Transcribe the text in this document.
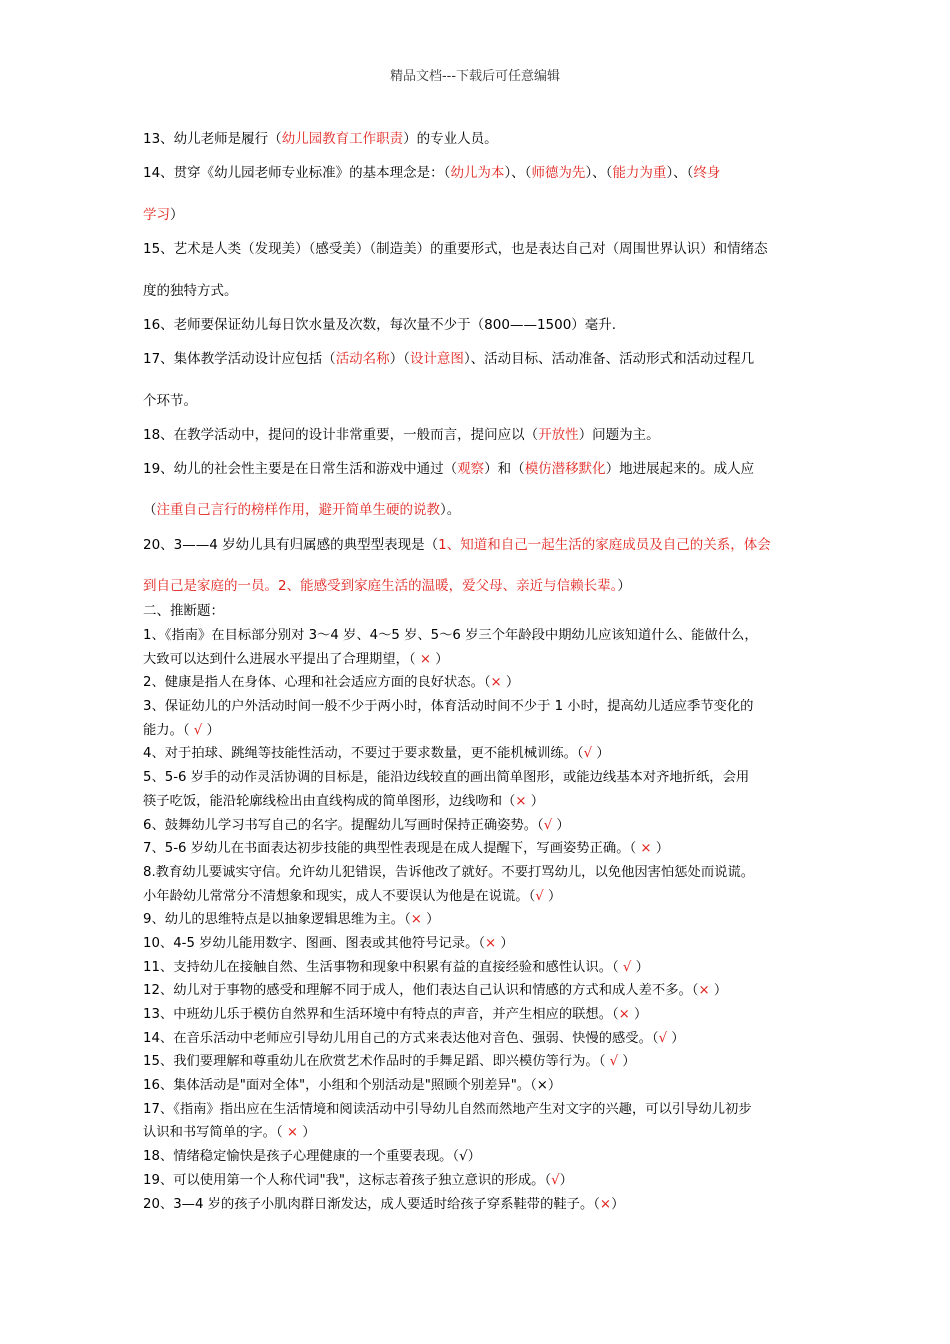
精品文档---下载后可任意编辑
13、幼儿老师是履行（幼儿园教育工作职责）的专业人员。
14、贯穿《幼儿园老师专业标准》的基本理念是：（幼儿为本）、（师德为先）、（能力为重）、（终身
学习）
15、艺术是人类（发现美）（感受美）（制造美）的重要形式，也是表达自己对（周围世界认识）和情绪态
度的独特方式。
16、老师要保证幼儿每日饮水量及次数，每次量不少于（800——1500）毫升.
17、集体教学活动设计应包括（活动名称）（设计意图）、活动目标、活动准备、活动形式和活动过程几
个环节。
18、在教学活动中，提问的设计非常重要，一般而言，提问应以（开放性）问题为主。
19、幼儿的社会性主要是在日常生活和游戏中通过（观察）和（模仿潜移默化）地进展起来的。成人应
（注重自己言行的榜样作用，避开简单生硬的说教）。
20、3——4 岁幼儿具有归属感的典型型表现是（1、知道和自己一起生活的家庭成员及自己的关系，体会
到自己是家庭的一员。2、能感受到家庭生活的温暖，爱父母、亲近与信赖长辈。）
二、推断题：
1、《指南》在目标部分别对 3～4 岁、4～5 岁、5～6 岁三个年龄段中期幼儿应该知道什么、能做什么，
大致可以达到什么进展水平提出了合理期望，（ × ）
2、健康是指人在身体、心理和社会适应方面的良好状态。（× ）
3、保证幼儿的户外活动时间一般不少于两小时，体育活动时间不少于 1 小时，提高幼儿适应季节变化的
能力。（ √ ）
4、对于拍球、跳绳等技能性活动，不要过于要求数量，更不能机械训练。（√ ）
5、5-6 岁手的动作灵活协调的目标是，能沿边线较直的画出简单图形，或能边线基本对齐地折纸，会用
筷子吃饭，能沿轮廓线检出由直线构成的简单图形，边线吻和（× ）
6、鼓舞幼儿学习书写自己的名字。提醒幼儿写画时保持正确姿势。（√ ）
7、5-6 岁幼儿在书面表达初步技能的典型性表现是在成人提醒下，写画姿势正确。（ × ）
8.教育幼儿要诚实守信。允许幼儿犯错误，告诉他改了就好。不要打骂幼儿，以免他因害怕惩处而说谎。
小年龄幼儿常常分不清想象和现实，成人不要误认为他是在说谎。（√ ）
9、幼儿的思维特点是以抽象逻辑思维为主。（× ）
10、4-5 岁幼儿能用数字、图画、图表或其他符号记录。（× ）
11、支持幼儿在接触自然、生活事物和现象中积累有益的直接经验和感性认识。（ √ ）
12、幼儿对于事物的感受和理解不同于成人，他们表达自己认识和情感的方式和成人差不多。（× ）
13、中班幼儿乐于模仿自然界和生活环境中有特点的声音，并产生相应的联想。（× ）
14、在音乐活动中老师应引导幼儿用自己的方式来表达他对音色、强弱、快慢的感受。（√ ）
15、我们要理解和尊重幼儿在欣赏艺术作品时的手舞足蹈、即兴模仿等行为。（ √ ）
16、集体活动是"面对全体"，小组和个别活动是"照顾个别差异"。（×）
17、《指南》指出应在生活情境和阅读活动中引导幼儿自然而然地产生对文字的兴趣，可以引导幼儿初步
认识和书写简单的字。（ × ）
18、情绪稳定愉快是孩子心理健康的一个重要表现。（√）
19、可以使用第一个人称代词"我"，这标志着孩子独立意识的形成。（√）
20、3—4 岁的孩子小肌肉群日渐发达，成人要适时给孩子穿系鞋带的鞋子。（×）
